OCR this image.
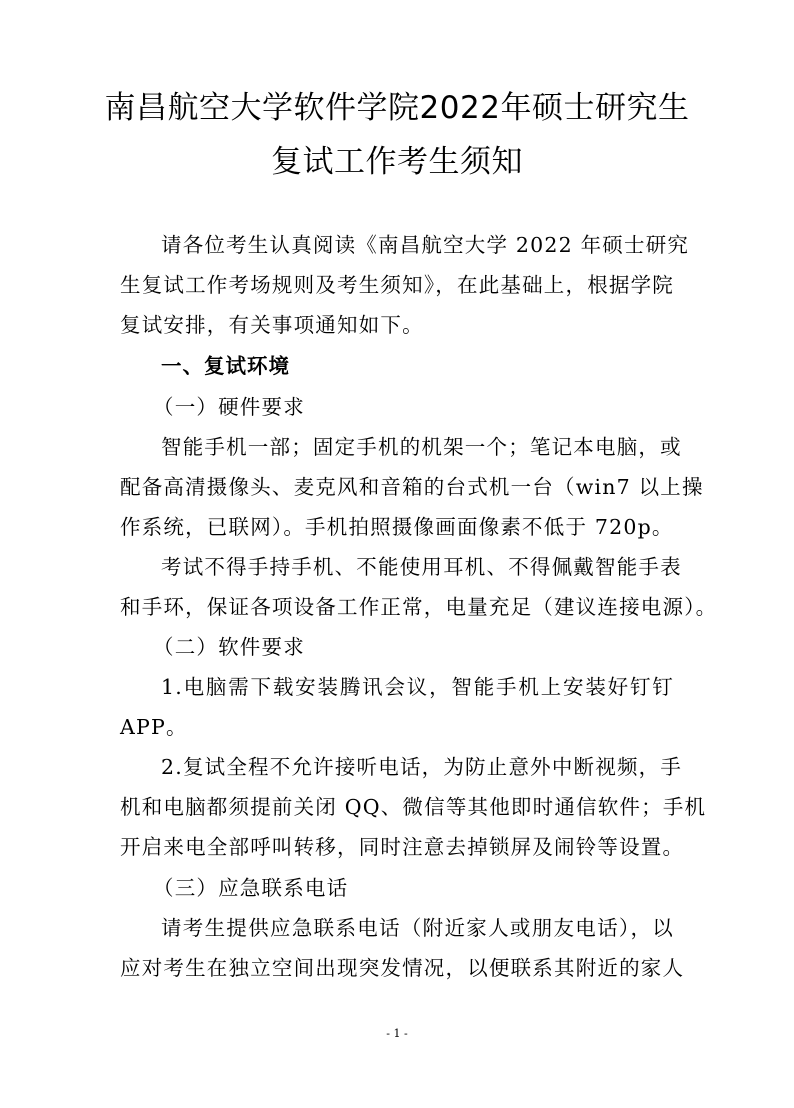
南昌航空大学软件学院2022年硕士研究生
复试工作考生须知
请各位考生认真阅读《南昌航空大学 2022 年硕士研究
生复试工作考场规则及考生须知》，在此基础上，根据学院
复试安排，有关事项通知如下。
一、复试环境
（一）硬件要求
智能手机一部；固定手机的机架一个；笔记本电脑，或
配备高清摄像头、麦克风和音箱的台式机一台（win7 以上操
作系统，已联网）。手机拍照摄像画面像素不低于 720p。
考试不得手持手机、不能使用耳机、不得佩戴智能手表
和手环，保证各项设备工作正常，电量充足（建议连接电源）。
（二）软件要求
1.电脑需下载安装腾讯会议，智能手机上安装好钉钉
APP。
2.复试全程不允许接听电话，为防止意外中断视频，手
机和电脑都须提前关闭 QQ、微信等其他即时通信软件；手机
开启来电全部呼叫转移，同时注意去掉锁屏及闹铃等设置。
（三）应急联系电话
请考生提供应急联系电话（附近家人或朋友电话），以
应对考生在独立空间出现突发情况，以便联系其附近的家人
- 1 -
